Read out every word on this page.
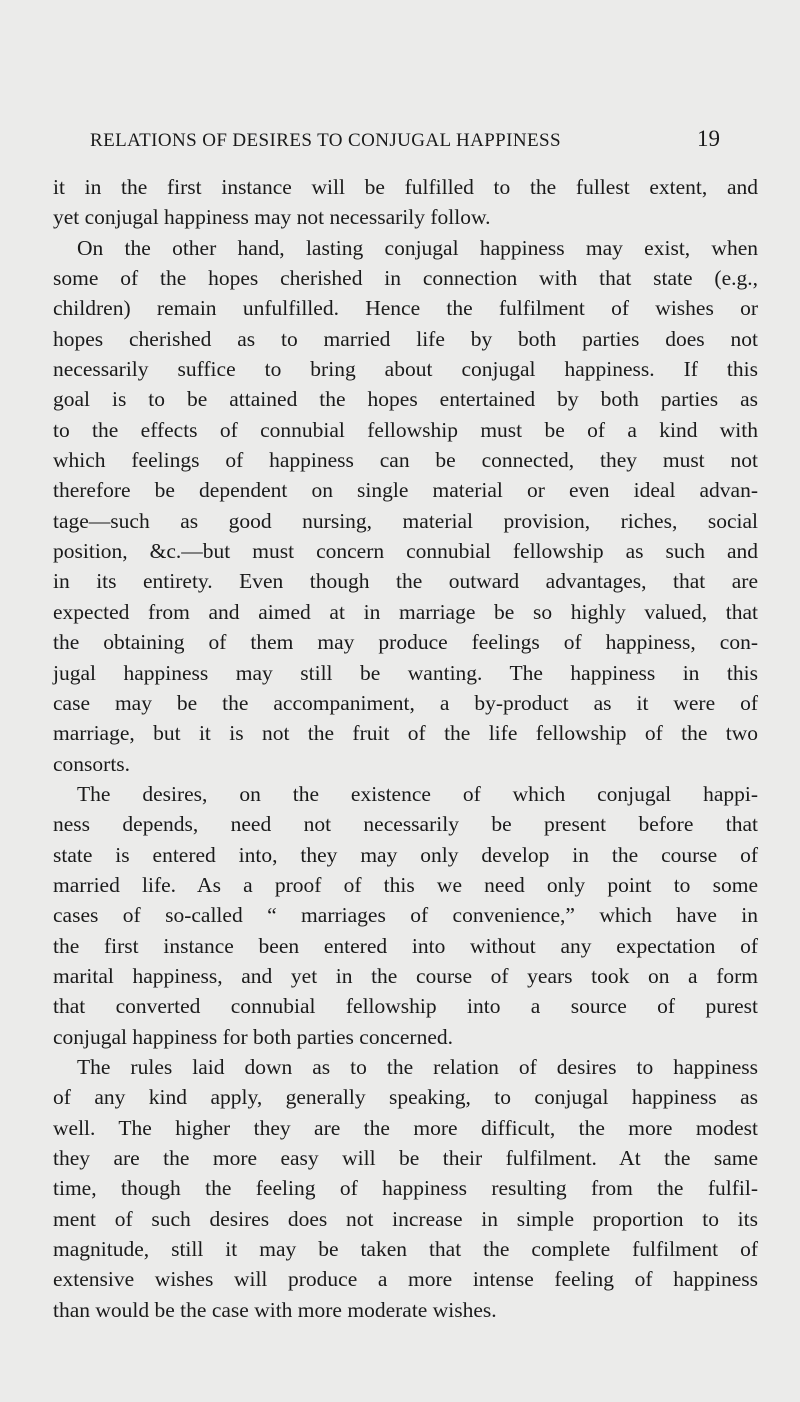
RELATIONS OF DESIRES TO CONJUGAL HAPPINESS	19
it in the first instance will be fulfilled to the fullest extent, and
yet conjugal happiness may not necessarily follow.
On the other hand, lasting conjugal happiness may exist, when
some of the hopes cherished in connection with that state (e.g.,
children) remain unfulfilled. Hence the fulfilment of wishes or
hopes cherished as to married life by both parties does not
necessarily suffice to bring about conjugal happiness. If this
goal is to be attained the hopes entertained by both parties as
to the effects of connubial fellowship must be of a kind with
which feelings of happiness can be connected, they must not
therefore be dependent on single material or even ideal advan-
tage—such as good nursing, material provision, riches, social
position, &c.—but must concern connubial fellowship as such and
in its entirety. Even though the outward advantages, that are
expected from and aimed at in marriage be so highly valued, that
the obtaining of them may produce feelings of happiness, con-
jugal happiness may still be wanting. The happiness in this
case may be the accompaniment, a by-product as it were of
marriage, but it is not the fruit of the life fellowship of the two
consorts.
The desires, on the existence of which conjugal happi-
ness depends, need not necessarily be present before that
state is entered into, they may only develop in the course of
married life. As a proof of this we need only point to some
cases of so-called “ marriages of convenience,” which have in
the first instance been entered into without any expectation of
marital happiness, and yet in the course of years took on a form
that converted connubial fellowship into a source of purest
conjugal happiness for both parties concerned.
The rules laid down as to the relation of desires to happiness
of any kind apply, generally speaking, to conjugal happiness as
well. The higher they are the more difficult, the more modest
they are the more easy will be their fulfilment. At the same
time, though the feeling of happiness resulting from the fulfil-
ment of such desires does not increase in simple proportion to its
magnitude, still it may be taken that the complete fulfilment of
extensive wishes will produce a more intense feeling of happiness
than would be the case with more moderate wishes.
